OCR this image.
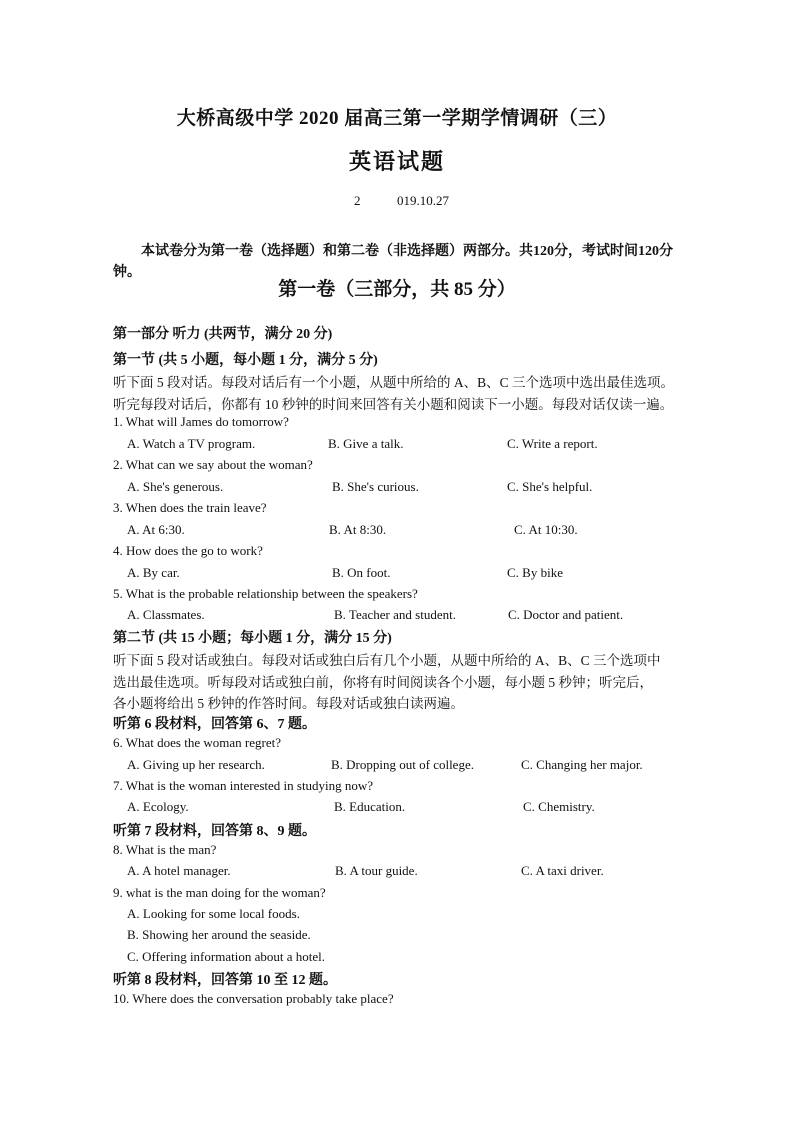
大桥高级中学 2020 届高三第一学期学情调研（三）
英语试题
2	019.10.27
本试卷分为第一卷（选择题）和第二卷（非选择题）两部分。共120分，考试时间120分钟。
第一卷（三部分，共 85 分）
第一部分 听力 (共两节，满分 20 分)
第一节 (共 5 小题，每小题 1 分，满分 5 分)
听下面 5 段对话。每段对话后有一个小题，从题中所给的 A、B、C 三个选项中选出最佳选项。
听完每段对话后，你都有 10 秒钟的时间来回答有关小题和阅读下一小题。每段对话仅读一遍。
1. What will James do tomorrow?
A. Watch a TV program.	B. Give a talk.	C. Write a report.
2. What can we say about the woman?
A. She's generous.	B. She's curious.	C. She's helpful.
3. When does the train leave?
A. At 6:30.	B. At 8:30.	C. At 10:30.
4. How does the go to work?
A. By car.	B. On foot.	C. By bike
5. What is the probable relationship between the speakers?
A. Classmates.	B. Teacher and student.	C. Doctor and patient.
第二节 (共 15 小题；每小题 1 分，满分 15 分)
听下面 5 段对话或独白。每段对话或独白后有几个小题，从题中所给的 A、B、C 三个选项中
选出最佳选项。听每段对话或独白前，你将有时间阅读各个小题，每小题 5 秒钟；听完后，
各小题将给出 5 秒钟的作答时间。每段对话或独白读两遍。
听第 6 段材料，回答第 6、7 题。
6. What does the woman regret?
A. Giving up her research.	B. Dropping out of college.	C. Changing her major.
7. What is the woman interested in studying now?
A. Ecology.	B. Education.	C. Chemistry.
听第 7 段材料，回答第 8、9 题。
8. What is the man?
A. A hotel manager.	B. A tour guide.	C. A taxi driver.
9. what is the man doing for the woman?
A. Looking for some local foods.
B. Showing her around the seaside.
C. Offering information about a hotel.
听第 8 段材料，回答第 10 至 12 题。
10. Where does the conversation probably take place?
